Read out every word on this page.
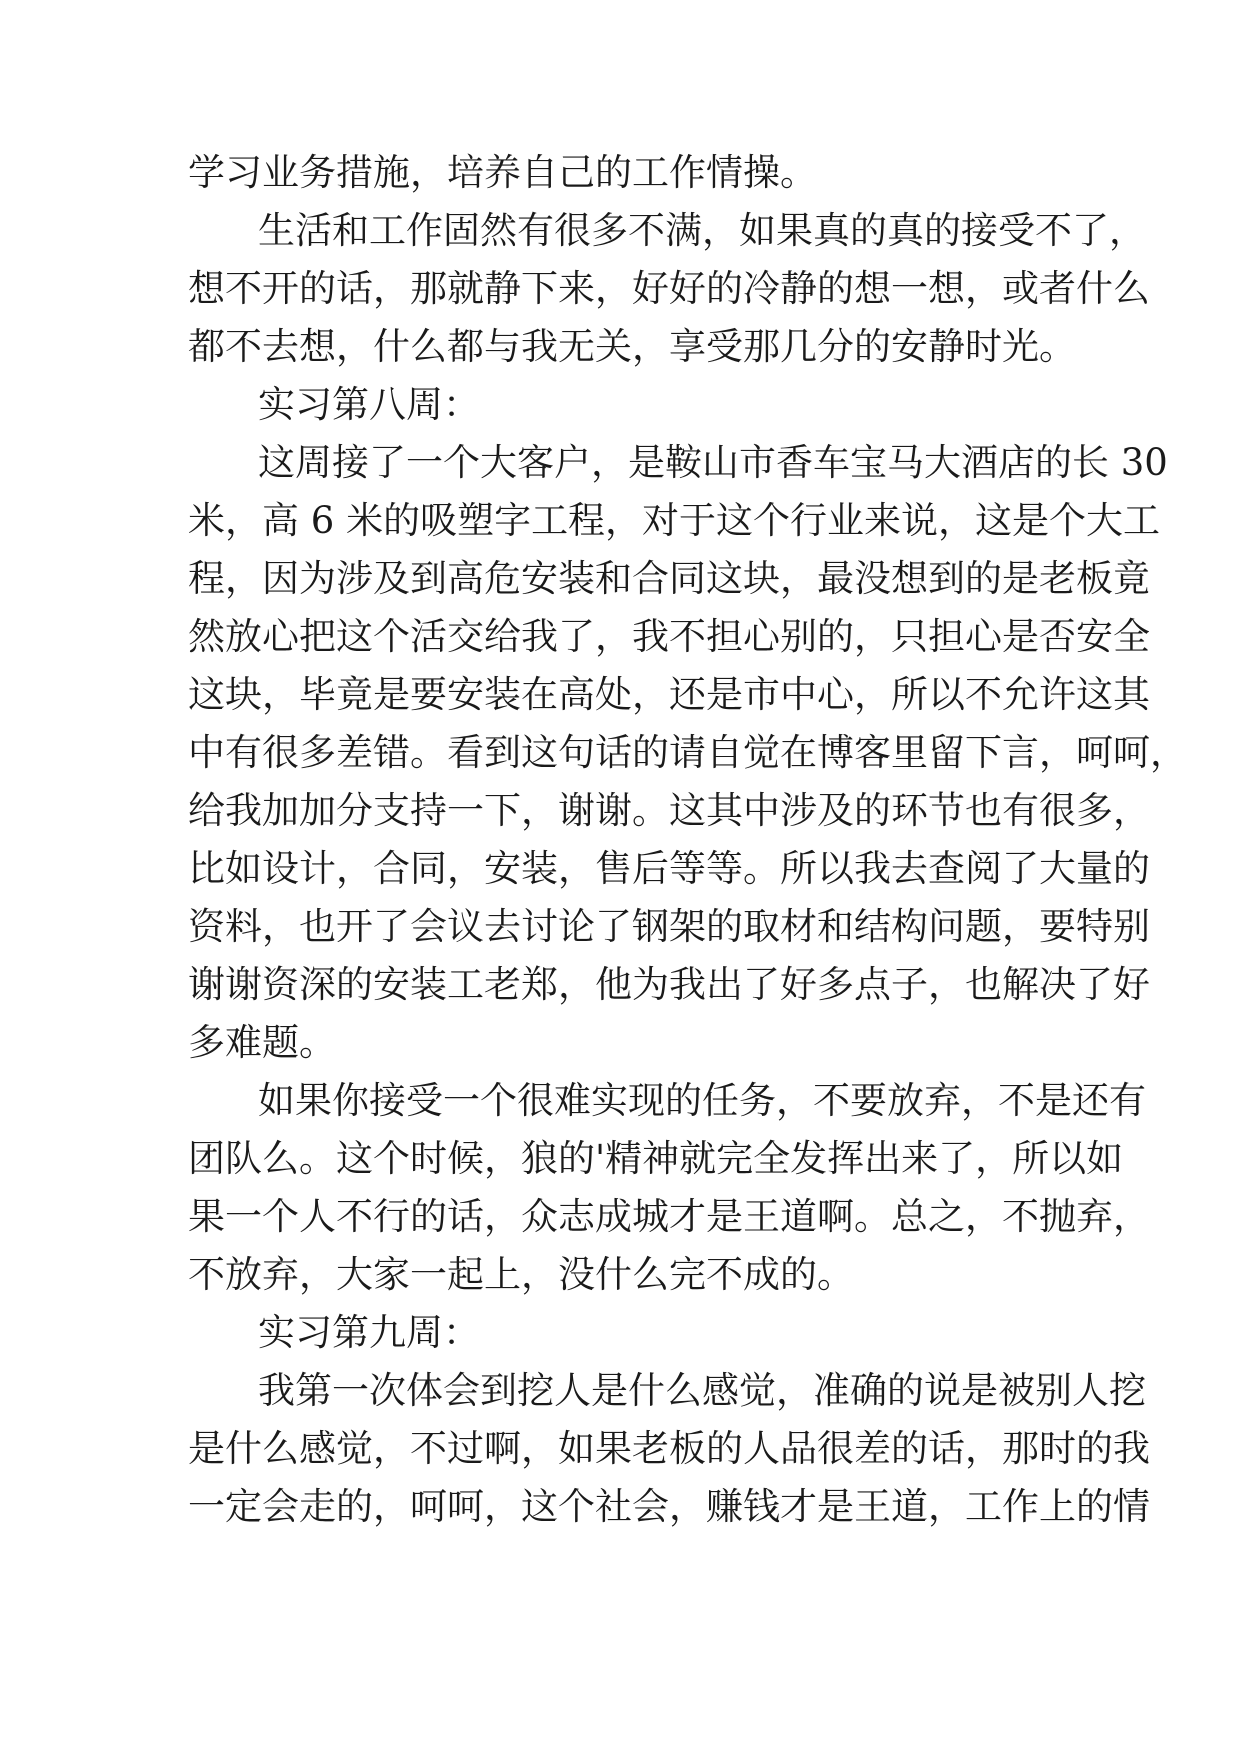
学习业务措施，培养自己的工作情操。
生活和工作固然有很多不满，如果真的真的接受不了，
想不开的话，那就静下来，好好的冷静的想一想，或者什么
都不去想，什么都与我无关，享受那几分的安静时光。
实习第八周：
这周接了一个大客户，是鞍山市香车宝马大酒店的长 30
米，高 6 米的吸塑字工程，对于这个行业来说，这是个大工
程，因为涉及到高危安装和合同这块，最没想到的是老板竟
然放心把这个活交给我了，我不担心别的，只担心是否安全
这块，毕竟是要安装在高处，还是市中心，所以不允许这其
中有很多差错。看到这句话的请自觉在博客里留下言，呵呵，
给我加加分支持一下，谢谢。这其中涉及的环节也有很多，
比如设计，合同，安装，售后等等。所以我去查阅了大量的
资料，也开了会议去讨论了钢架的取材和结构问题，要特别
谢谢资深的安装工老郑，他为我出了好多点子，也解决了好
多难题。
如果你接受一个很难实现的任务，不要放弃，不是还有
团队么。这个时候，狼的'精神就完全发挥出来了，所以如
果一个人不行的话，众志成城才是王道啊。总之，不抛弃，
不放弃，大家一起上，没什么完不成的。
实习第九周：
我第一次体会到挖人是什么感觉，准确的说是被别人挖
是什么感觉，不过啊，如果老板的人品很差的话，那时的我
一定会走的，呵呵，这个社会，赚钱才是王道，工作上的情
